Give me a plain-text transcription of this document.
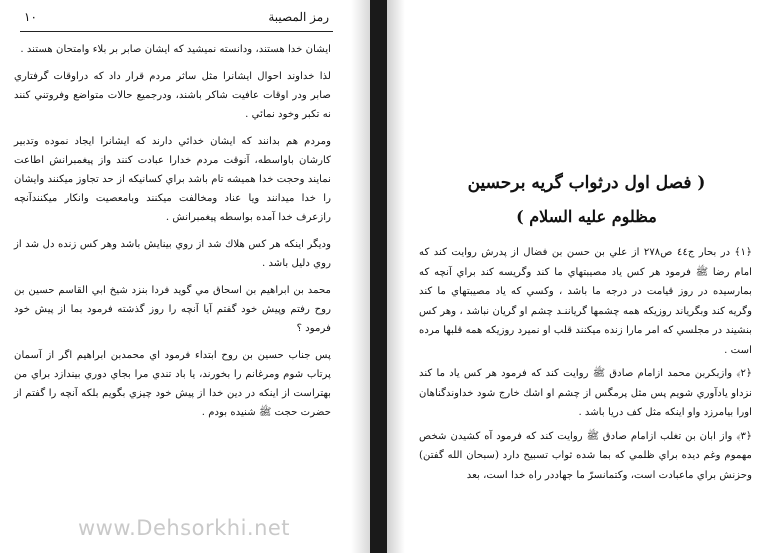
١٠	رمز المصيبة

ايشان خدا هستند، ودانسته نميشيد كه ايشان صابر بر بلاء وامتحان هستند .

لذا خداوند احوال ايشانرا مثل ساثر مردم قرار داد كه دراوقات گرفتاري صابر ودر اوقات عافيت شاكر باشند، ودرجميع حالات متواضع وفروتني كنند نه تكبر وخود نمائي .

ومردم هم بدانند كه ايشان خدائي دارند كه ايشانرا ايجاد نموده وتدبير كارشان باواسطه، آنوقت مردم خدارا عبادت كنند واز پيغمبرانش اطاعت نمايند وحجت خدا هميشه تام باشد براي كسانيكه از حد تجاوز ميكنند وايشان را خدا ميدانند ويا عناد ومخالفت ميكنند وبامعصيت وانكار ميكنندآنچه رازعرف خدا آمده بواسطه پيغمبرانش .

وديگر اينكه هر كس هلاك شد از روي بينايش باشد وهر كس زنده دل شد از روي دليل باشد .

محمد بن ابراهيم بن اسحاق مي گويد فردا بنزد شيخ ابي القاسم حسين بن روح رفتم وپيش خود گفتم آيا آنچه را روز گذشته فرمود بما از پيش خود فرمود ؟

پس جناب حسين بن روح ابتداء فرمود اي محمدبن ابراهيم اگر از آسمان پرتاب شوم ومرغانم را بخورند، يا باد تندي مرا بجاي دوري بيندازد براي من بهتراست از اينكه در دين خدا از پيش خود چيزي بگويم بلكه آنچه را گفتم از حضرت حجت ﷺ شنيده بودم .

( فصل اول درثواب گريه برحسين
مظلوم عليه السلام )

﴿١﴾ در بحار ج٤٤ ص٢٧٨ از علي بن حسن بن فضال از پدرش روايت كند كه امام رضا ﷺ فرمود هر كس ياد مصيبتهاي ما كند وگريسه كند براي آنچه كه بمارسيده در روز قيامت در درجه ما باشد ، وكسي كه ياد مصيبتهاي ما كند وگريه كند وبگرياند روزيكه همه چشمها گرياننـد چشم او گريان نباشد ، وهر كس بنشيند در مجلسي كه امر مارا زنده ميكنند قلب او نميرد روزيكه همه قلبها مرده است .

﴿٢﴾ وازبكربن محمد ازامام صادق ﷺ روايت كند كه فرمود هر كس ياد ما كند نزداو يادآوري شويم پس مثل پرمگس از چشم او اشك خارج شود خداوندگناهان اورا بيامرزد واو اينكه مثل كف دريا باشد .

﴿٣﴾ واز ابان بن تغلب ازامام صادق ﷺ روايت كند كه فرمود آه كشيدن شخص مهموم وغم ديده براي ظلمي كه بما شده ثواب تسبيح دارد (سبحان الله گفتن) وحزنش براي ماعبادت است، وكتمانسرّ ما جهاددر راه خدا است، بعد

www.Dehsorkhi.net
